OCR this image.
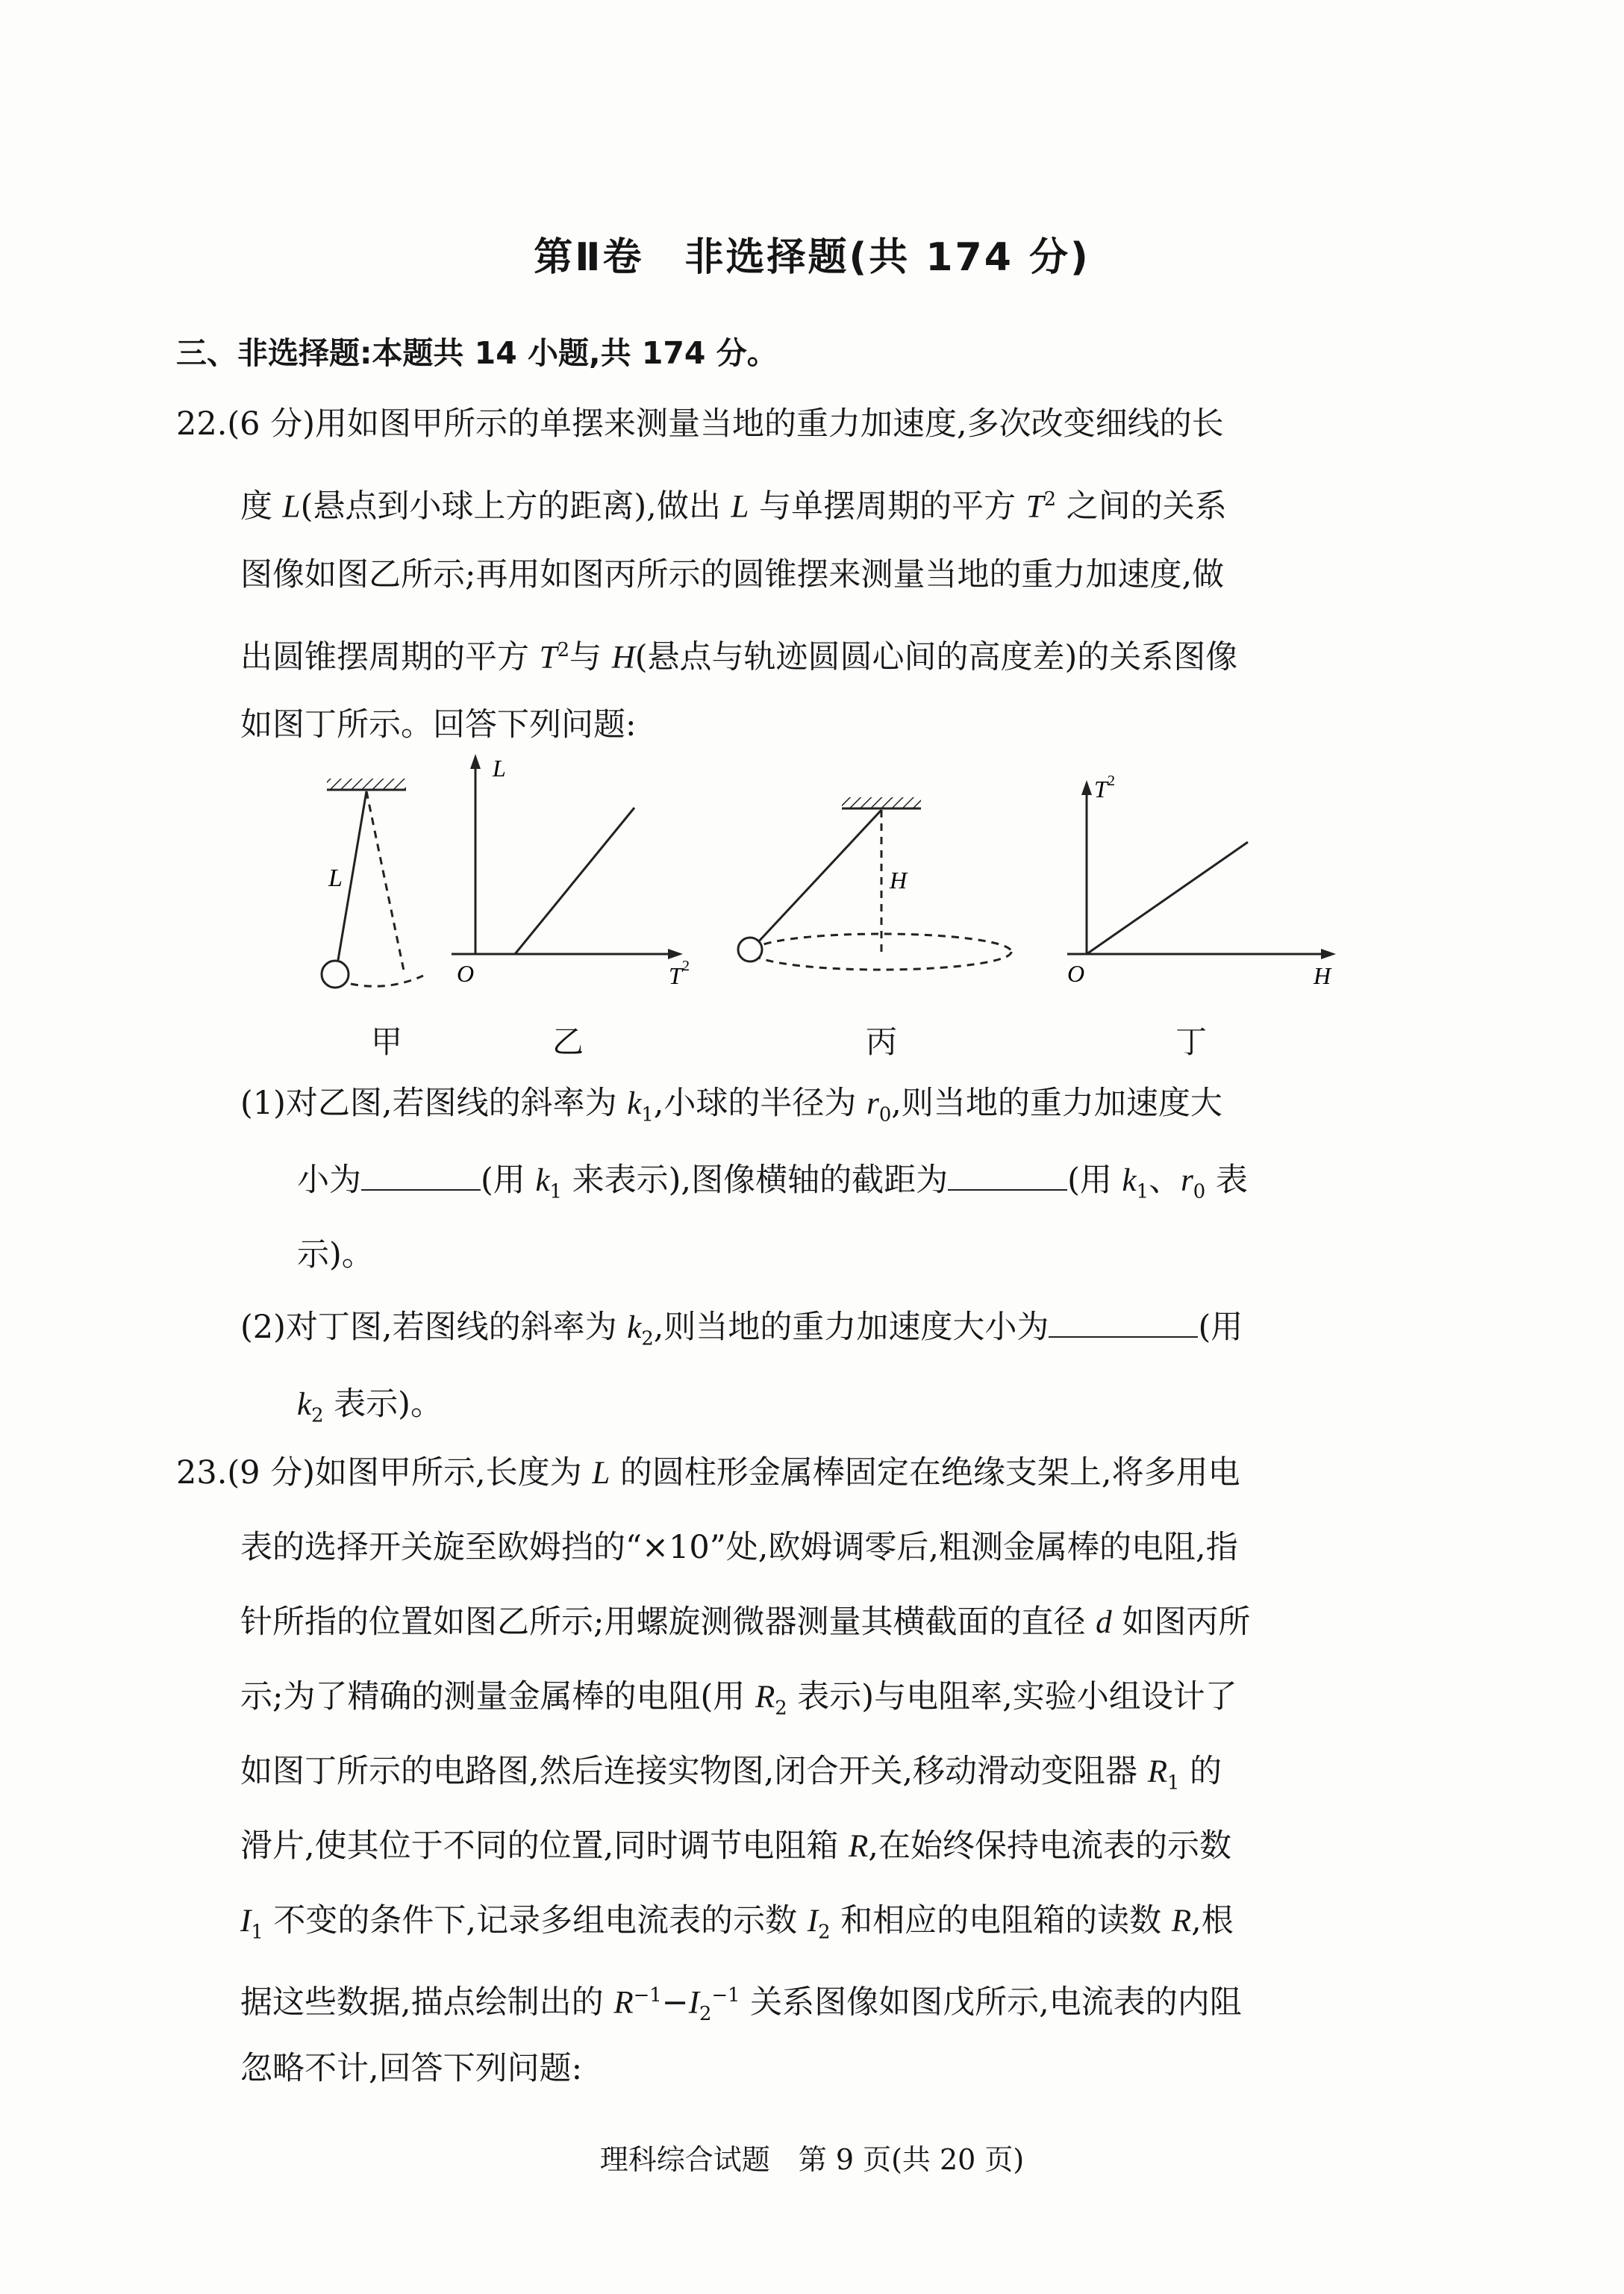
第Ⅱ卷　非选择题(共 174 分)
三、非选择题:本题共 14 小题,共 174 分。
22.(6 分)用如图甲所示的单摆来测量当地的重力加速度,多次改变细线的长
度 L(悬点到小球上方的距离),做出 L 与单摆周期的平方 $T^2$ 之间的关系
图像如图乙所示;再用如图丙所示的圆锥摆来测量当地的重力加速度,做
出圆锥摆周期的平方 $T^2$与 H(悬点与轨迹圆圆心间的高度差)的关系图像
如图丁所示。回答下列问题:
L
L
O	T 2
H
T 2
O	H
甲	乙	丙	丁
(1)对乙图,若图线的斜率为 $k_1$,小球的半径为 $r_0$,则当地的重力加速度大
小为	(用 $k_1$ 来表示),图像横轴的截距为	(用 $k_1$、$r_0$ 表
示)。
(2)对丁图,若图线的斜率为 $k_2$,则当地的重力加速度大小为	(用
$k_2$ 表示)。
23.(9 分)如图甲所示,长度为 L 的圆柱形金属棒固定在绝缘支架上,将多用电
表的选择开关旋至欧姆挡的“×10”处,欧姆调零后,粗测金属棒的电阻,指
针所指的位置如图乙所示;用螺旋测微器测量其横截面的直径 d 如图丙所
示;为了精确的测量金属棒的电阻(用 $R_2$ 表示)与电阻率,实验小组设计了
如图丁所示的电路图,然后连接实物图,闭合开关,移动滑动变阻器 $R_1$ 的
滑片,使其位于不同的位置,同时调节电阻箱 R,在始终保持电流表的示数
$I_1$ 不变的条件下,记录多组电流表的示数 $I_2$ 和相应的电阻箱的读数 R,根
据这些数据,描点绘制出的 $R^{-1}-I_2^{-1}$ 关系图像如图戊所示,电流表的内阻
忽略不计,回答下列问题:
理科综合试题　第 9 页(共 20 页)
